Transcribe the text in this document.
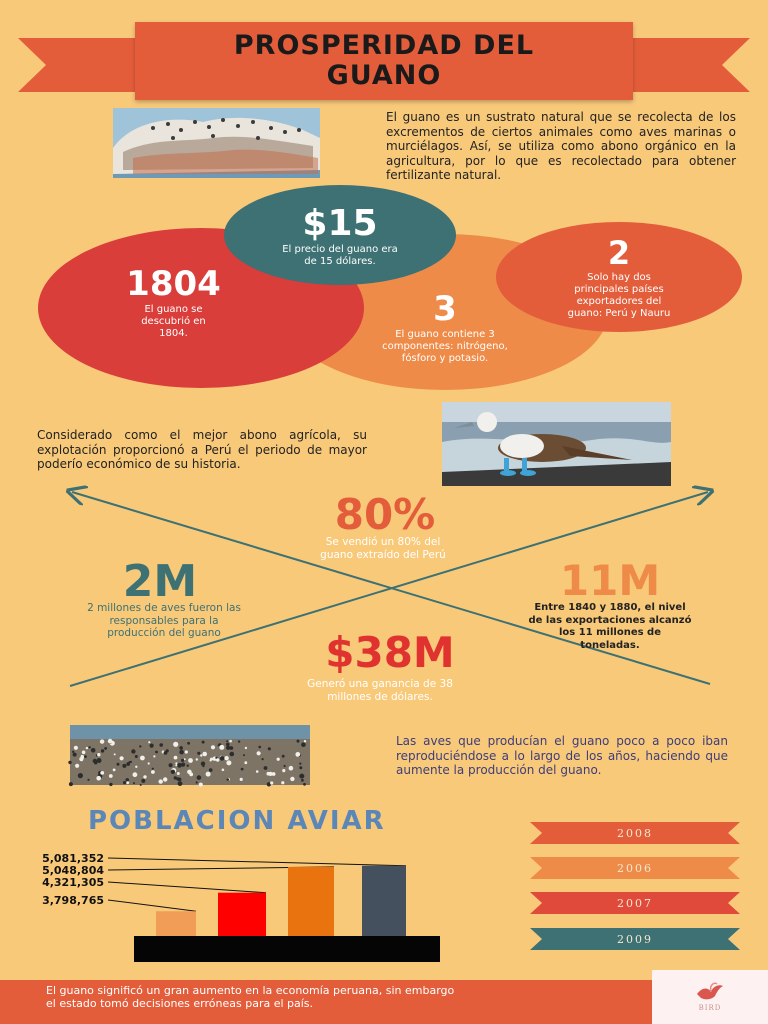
PROSPERIDAD DEL GUANO
El guano es un sustrato natural que se recolecta de los excrementos de ciertos animales como aves marinas o murciélagos. Así, se utiliza como abono orgánico en la agricultura, por lo que es recolectado para obtener fertilizante natural.
3
El guano contiene 3 componentes: nitrógeno, fósforo y potasio.
1804
El guano se descubrió en 1804.
$15
El precio del guano era de 15 dólares.	2
Solo hay dos principales países exportadores del guano: Perú y Nauru
Considerado como el mejor abono agrícola, su explotación proporcionó a Perú el periodo de mayor poderío económico de su historia.
80%
Se vendió un 80% del guano extraído del Perú
2M
2 millones de aves fueron las responsables para la producción del guano
11M
Entre 1840 y 1880, el nivel de las exportaciones alcanzó los 11 millones de toneladas.
$38M
Generó una ganancia de 38 millones de dólares.
Las aves que producían el guano poco a poco iban reproduciéndose a lo largo de los años, haciendo que aumente la producción del guano.
POBLACION AVIAR
5,081,352
5,048,804
4,321,305
3,798,765
2008
2006
2007
2009
El guano significó un gran aumento en la economía peruana, sin embargo el estado tomó decisiones erróneas para el país.	BIRD
